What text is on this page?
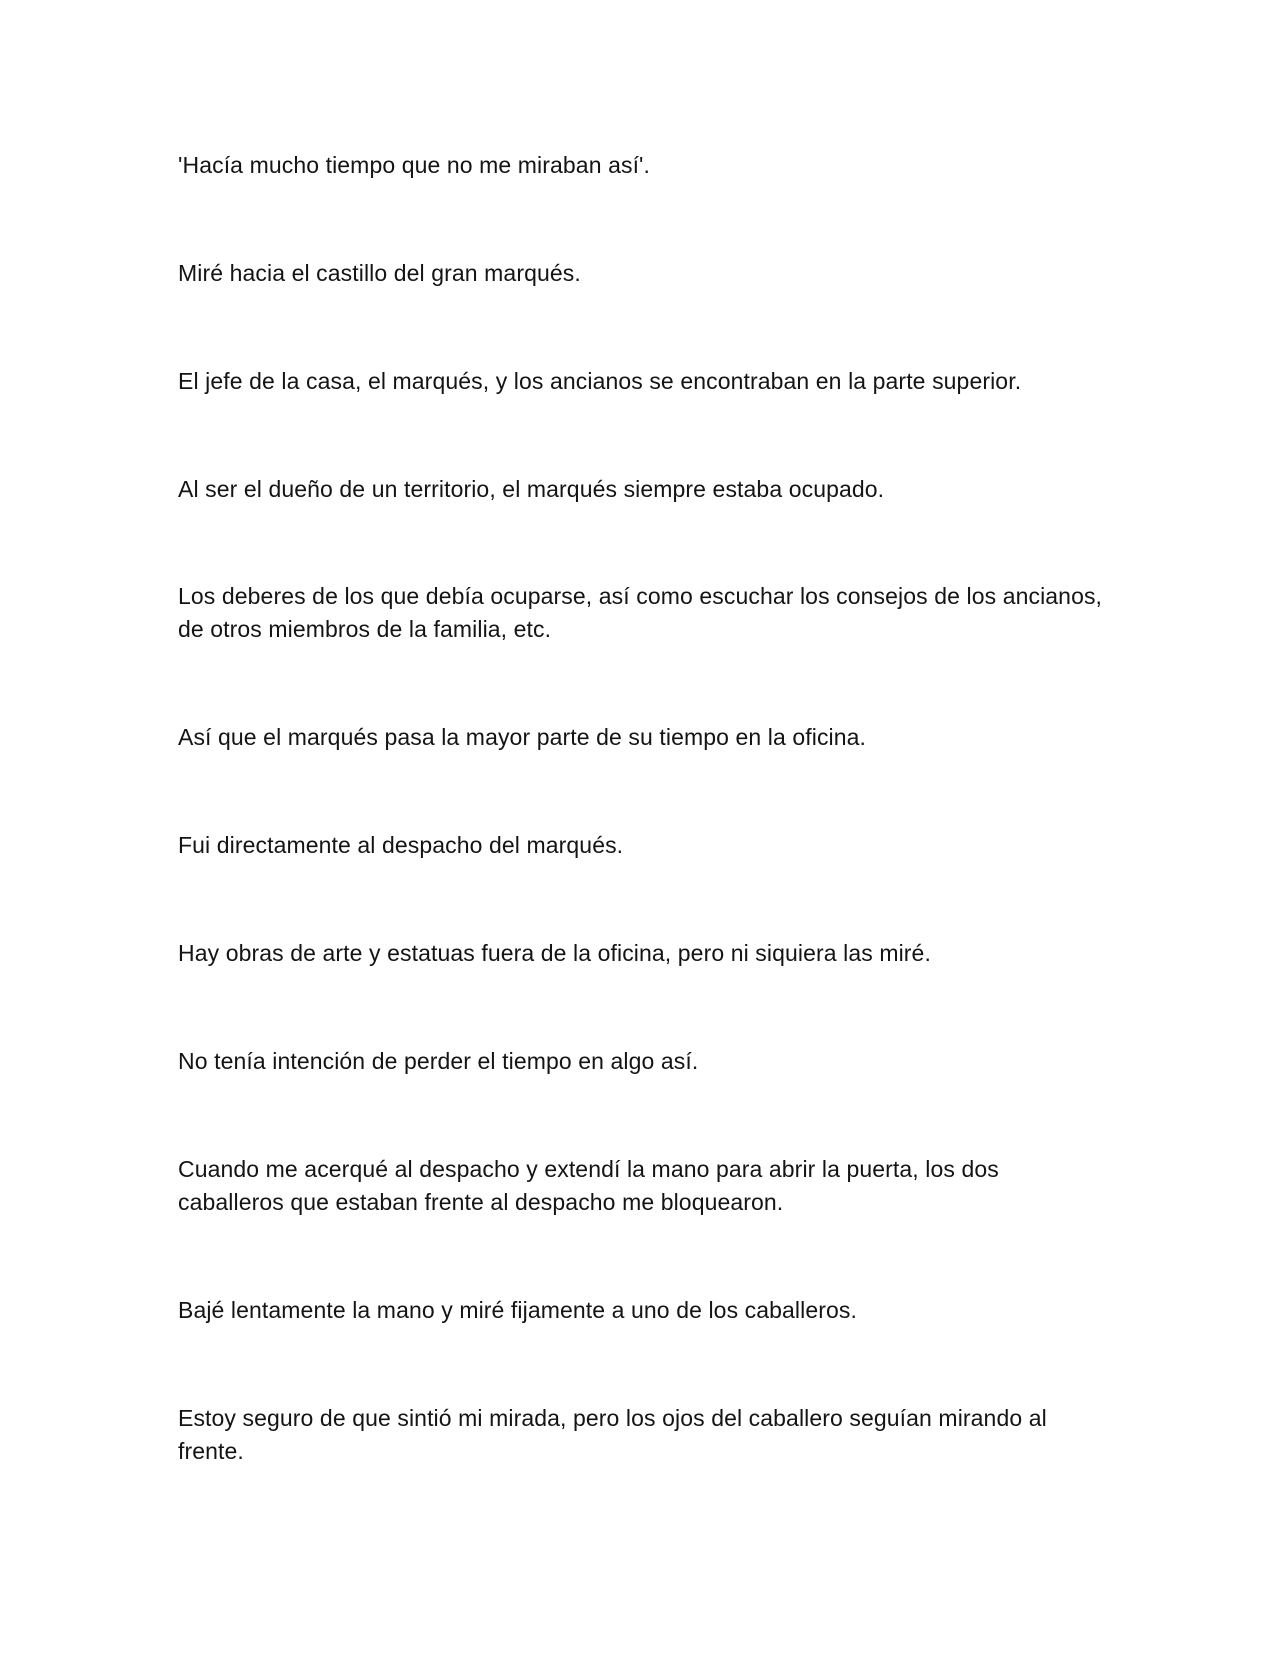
'Hacía mucho tiempo que no me miraban así'.

Miré hacia el castillo del gran marqués.

El jefe de la casa, el marqués, y los ancianos se encontraban en la parte superior.

Al ser el dueño de un territorio, el marqués siempre estaba ocupado.

Los deberes de los que debía ocuparse, así como escuchar los consejos de los ancianos, de otros miembros de la familia, etc.

Así que el marqués pasa la mayor parte de su tiempo en la oficina.

Fui directamente al despacho del marqués.

Hay obras de arte y estatuas fuera de la oficina, pero ni siquiera las miré.

No tenía intención de perder el tiempo en algo así.

Cuando me acerqué al despacho y extendí la mano para abrir la puerta, los dos caballeros que estaban frente al despacho me bloquearon.

Bajé lentamente la mano y miré fijamente a uno de los caballeros.

Estoy seguro de que sintió mi mirada, pero los ojos del caballero seguían mirando al frente.
